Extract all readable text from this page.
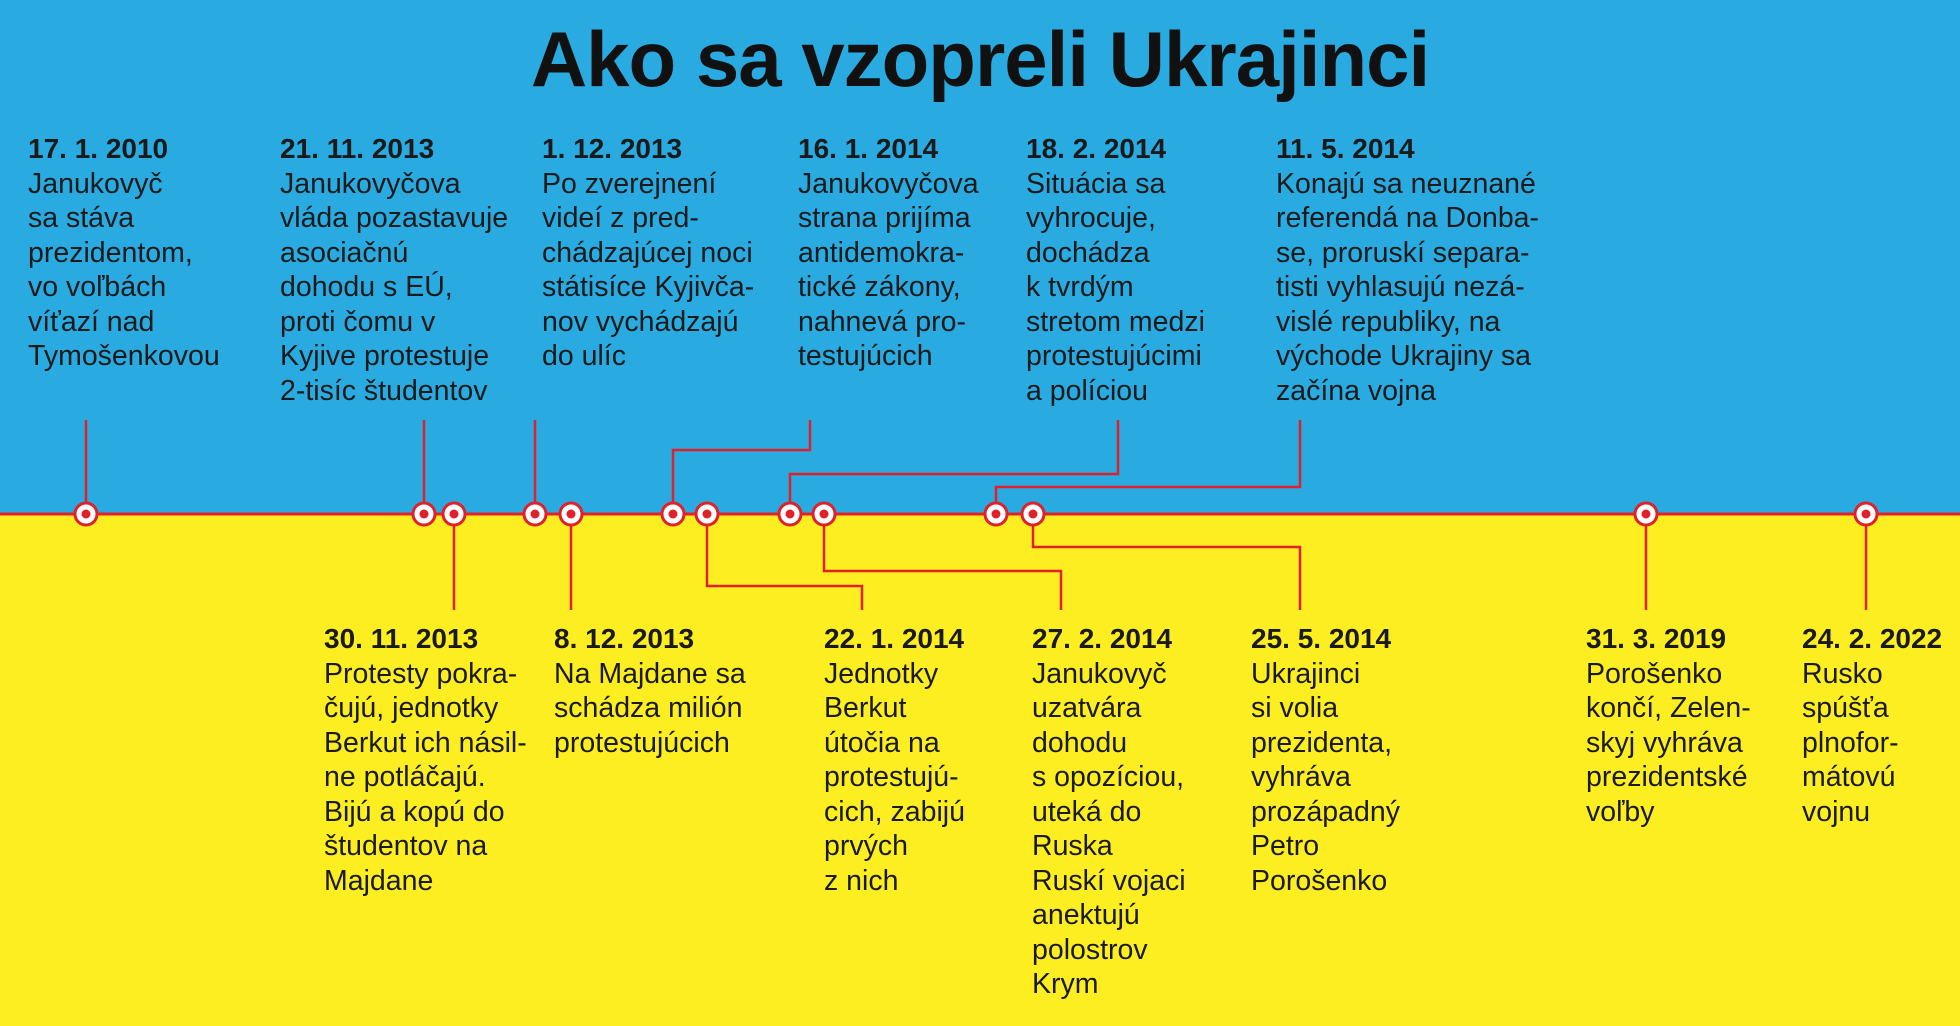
Ako sa vzopreli Ukrajinci
17. 1. 2010
Janukovyč
sa stáva
prezidentom,
vo voľbách
víťazí nad
Tymošenkovou
21. 11. 2013
Janukovyčova
vláda pozastavuje
asociačnú
dohodu s EÚ,
proti čomu v
Kyjive protestuje
2-tisíc študentov
1. 12. 2013
Po zverejnení
videí z pred-
chádzajúcej noci
státisíce Kyjivča-
nov vychádzajú
do ulíc
16. 1. 2014
Janukovyčova
strana prijíma
antidemokra-
tické zákony,
nahnevá pro-
testujúcich
18. 2. 2014
Situácia sa
vyhrocuje,
dochádza
k tvrdým
stretom medzi
protestujúcimi
a políciou
11. 5. 2014
Konajú sa neuznané
referendá na Donba-
se, proruskí separa-
tisti vyhlasujú nezá-
vislé republiky, na
východe Ukrajiny sa
začína vojna
30. 11. 2013
Protesty pokra-
čujú, jednotky
Berkut ich násil-
ne potláčajú.
Bijú a kopú do
študentov na
Majdane
8. 12. 2013
Na Majdane sa
schádza milión
protestujúcich
22. 1. 2014
Jednotky
Berkut
útočia na
protestujú-
cich, zabijú
prvých
z nich
27. 2. 2014
Janukovyč
uzatvára
dohodu
s opozíciou,
uteká do
Ruska
Ruskí vojaci
anektujú
polostrov
Krym
25. 5. 2014
Ukrajinci
si volia
prezidenta,
vyhráva
prozápadný
Petro
Porošenko
31. 3. 2019
Porošenko
končí, Zelen-
skyj vyhráva
prezidentské
voľby
24. 2. 2022
Rusko
spúšťa
plnofor-
mátovú
vojnu
